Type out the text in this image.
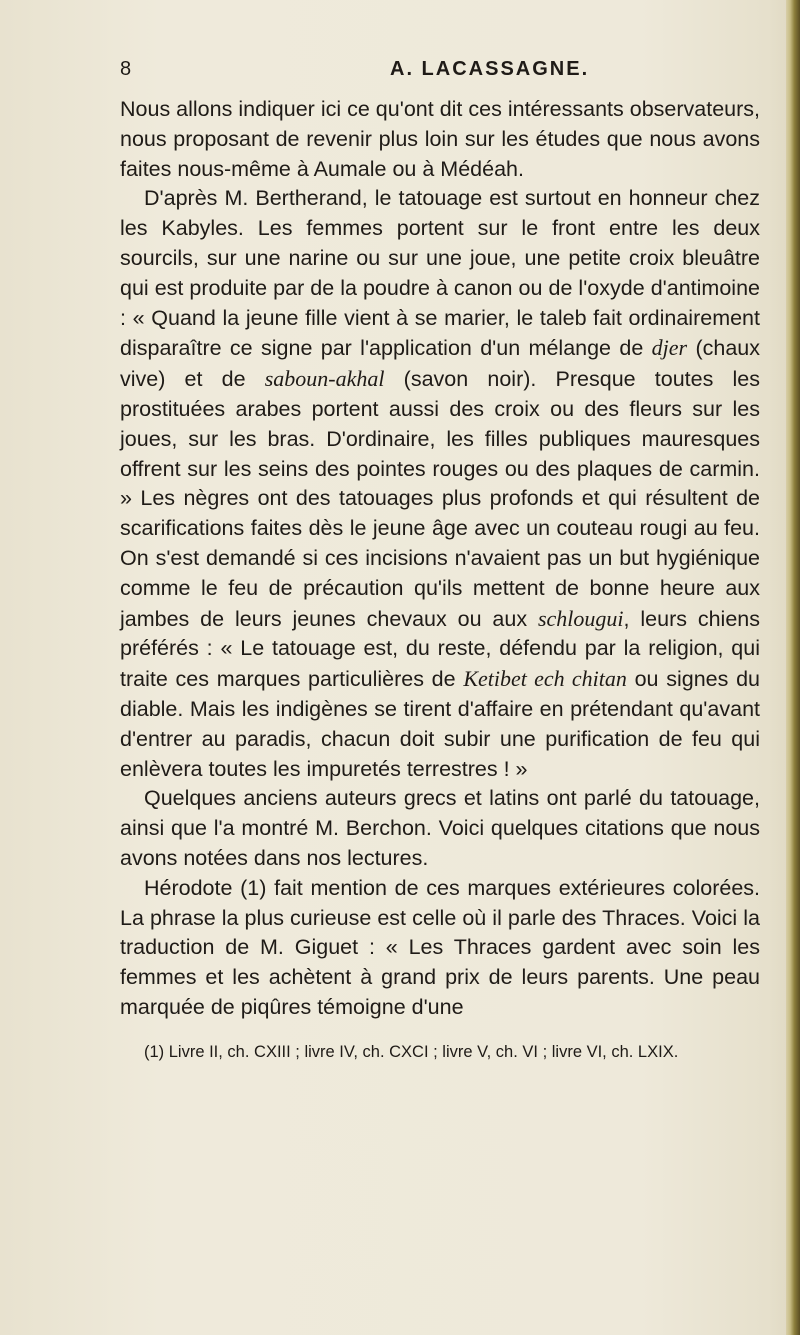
8	A. LACASSAGNE.

Nous allons indiquer ici ce qu'ont dit ces intéressants observateurs, nous proposant de revenir plus loin sur les études que nous avons faites nous-même à Aumale ou à Médéah.

D'après M. Bertherand, le tatouage est surtout en honneur chez les Kabyles. Les femmes portent sur le front entre les deux sourcils, sur une narine ou sur une joue, une petite croix bleuâtre qui est produite par de la poudre à canon ou de l'oxyde d'antimoine : « Quand la jeune fille vient à se marier, le taleb fait ordinairement disparaître ce signe par l'application d'un mélange de djer (chaux vive) et de saboun-akhal (savon noir). Presque toutes les prostituées arabes portent aussi des croix ou des fleurs sur les joues, sur les bras. D'ordinaire, les filles publiques mauresques offrent sur les seins des pointes rouges ou des plaques de carmin. » Les nègres ont des tatouages plus profonds et qui résultent de scarifications faites dès le jeune âge avec un couteau rougi au feu. On s'est demandé si ces incisions n'avaient pas un but hygiénique comme le feu de précaution qu'ils mettent de bonne heure aux jambes de leurs jeunes chevaux ou aux schlougui, leurs chiens préférés : « Le tatouage est, du reste, défendu par la religion, qui traite ces marques particulières de Ketibet ech chitan ou signes du diable. Mais les indigènes se tirent d'affaire en prétendant qu'avant d'entrer au paradis, chacun doit subir une purification de feu qui enlèvera toutes les impuretés terrestres ! »

Quelques anciens auteurs grecs et latins ont parlé du tatouage, ainsi que l'a montré M. Berchon. Voici quelques citations que nous avons notées dans nos lectures.

Hérodote (1) fait mention de ces marques extérieures colorées. La phrase la plus curieuse est celle où il parle des Thraces. Voici la traduction de M. Giguet : « Les Thraces gardent avec soin les femmes et les achètent à grand prix de leurs parents. Une peau marquée de piqûres témoigne d'une

(1) Livre II, ch. CXIII ; livre IV, ch. CXCI ; livre V, ch. VI ; livre VI, ch. LXIX.
